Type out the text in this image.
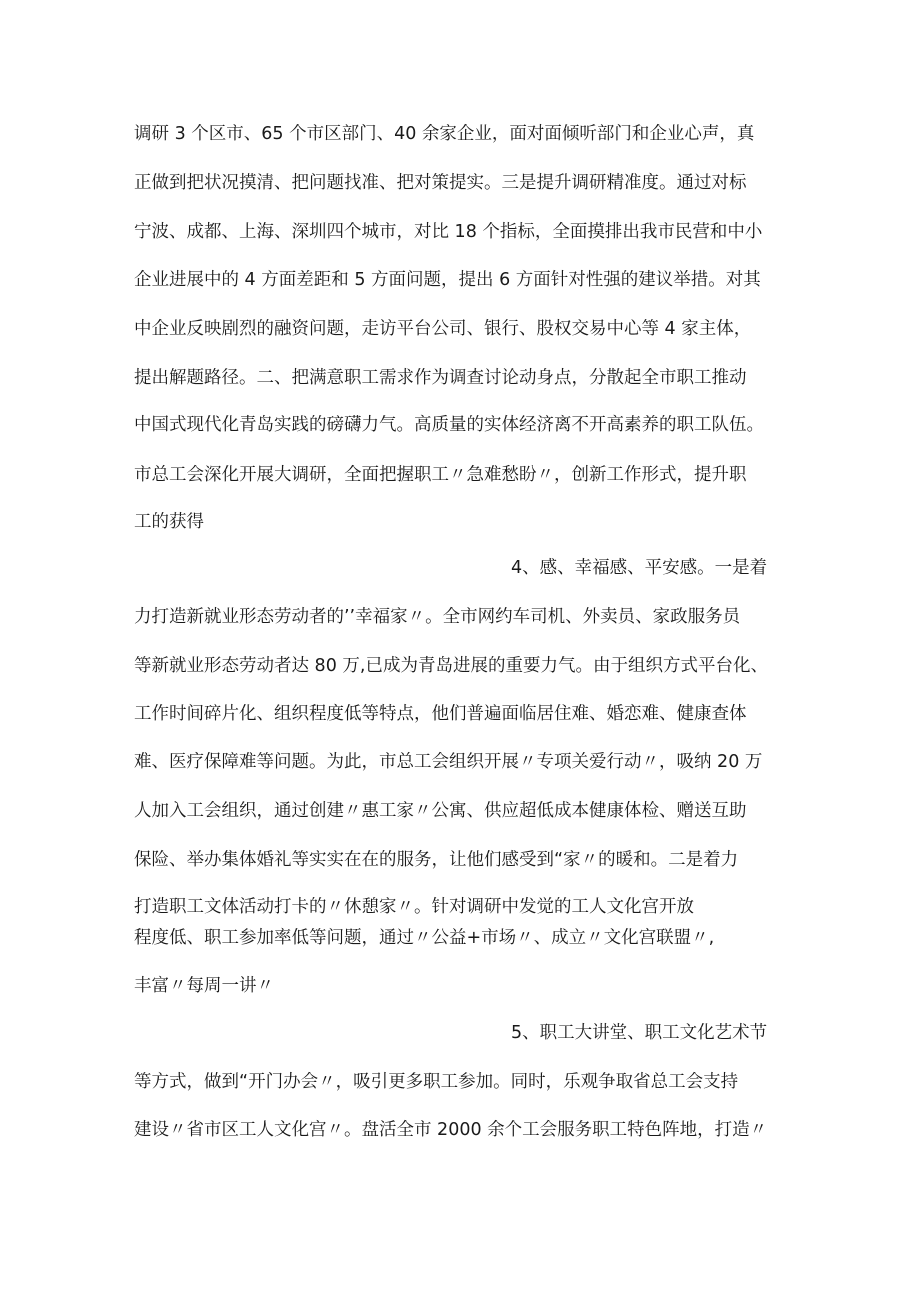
调研 3 个区市、65 个市区部门、40 余家企业，面对面倾听部门和企业心声，真
正做到把状况摸清、把问题找准、把对策提实。三是提升调研精准度。通过对标
宁波、成都、上海、深圳四个城市，对比 18 个指标，全面摸排出我市民营和中小
企业进展中的 4 方面差距和 5 方面问题，提出 6 方面针对性强的建议举措。对其
中企业反映剧烈的融资问题，走访平台公司、银行、股权交易中心等 4 家主体，
提出解题路径。二、把满意职工需求作为调查讨论动身点，分散起全市职工推动
中国式现代化青岛实践的磅礴力气。高质量的实体经济离不开高素养的职工队伍。
市总工会深化开展大调研，全面把握职工〃急难愁盼〃，创新工作形式，提升职
工的获得
4、感、幸福感、平安感。一是着
力打造新就业形态劳动者的’’幸福家〃。全市网约车司机、外卖员、家政服务员
等新就业形态劳动者达 80 万,已成为青岛进展的重要力气。由于组织方式平台化、
工作时间碎片化、组织程度低等特点，他们普遍面临居住难、婚恋难、健康查体
难、医疗保障难等问题。为此，市总工会组织开展〃专项关爱行动〃，吸纳 20 万
人加入工会组织，通过创建〃惠工家〃公寓、供应超低成本健康体检、赠送互助
保险、举办集体婚礼等实实在在的服务，让他们感受到“家〃的暖和。二是着力
打造职工文体活动打卡的〃休憩家〃。针对调研中发觉的工人文化宫开放
程度低、职工参加率低等问题，通过〃公益+市场〃、成立〃文化宫联盟〃,
丰富〃每周一讲〃
5、职工大讲堂、职工文化艺术节
等方式，做到“开门办会〃，吸引更多职工参加。同时，乐观争取省总工会支持
建设〃省市区工人文化宫〃。盘活全市 2000 余个工会服务职工特色阵地，打造〃
